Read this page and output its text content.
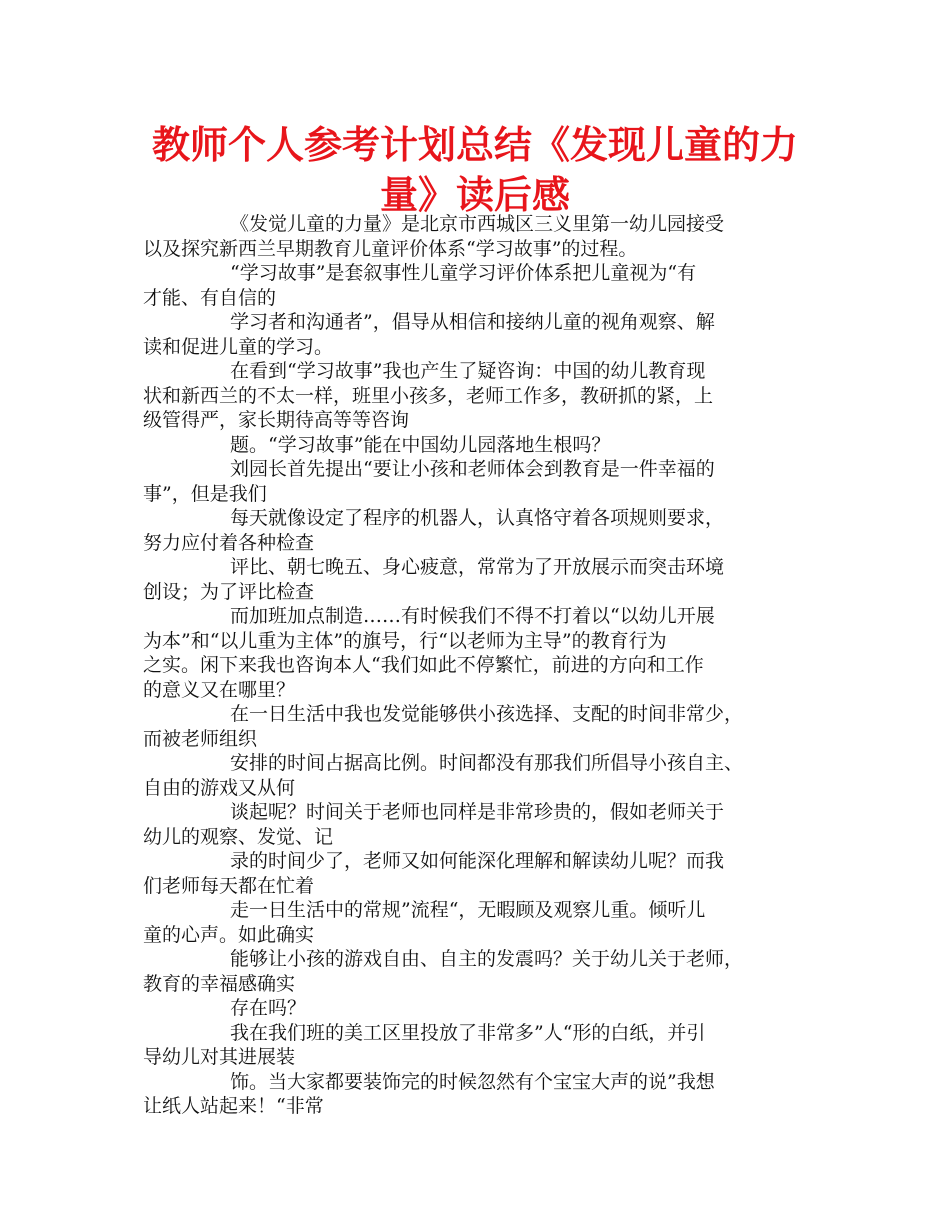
教师个人参考计划总结《发现儿童的力
量》读后感
《发觉儿童的力量》是北京市西城区三义里第一幼儿园接受
以及探究新西兰早期教育儿童评价体系“学习故事”的过程。
“学习故事”是套叙事性儿童学习评价体系把儿童视为“有
才能、有自信的
学习者和沟通者”，倡导从相信和接纳儿童的视角观察、解
读和促进儿童的学习。
在看到“学习故事”我也产生了疑咨询：中国的幼儿教育现
状和新西兰的不太一样，班里小孩多，老师工作多，教研抓的紧，上
级管得严，家长期待高等等咨询
题。“学习故事”能在中国幼儿园落地生根吗？
刘园长首先提出“要让小孩和老师体会到教育是一件幸福的
事”，但是我们
每天就像设定了程序的机器人，认真恪守着各项规则要求，
努力应付着各种检查
评比、朝七晚五、身心疲意，常常为了开放展示而突击环境
创设；为了评比检查
而加班加点制造……有时候我们不得不打着以“以幼儿开展
为本”和“以儿重为主体”的旗号，行“以老师为主导”的教育行为
之实。闲下来我也咨询本人“我们如此不停繁忙，前进的方向和工作
的意义又在哪里？
在一日生活中我也发觉能够供小孩选择、支配的时间非常少，
而被老师组织
安排的时间占据高比例。时间都没有那我们所倡导小孩自主、
自由的游戏又从何
谈起呢？时间关于老师也同样是非常珍贵的，假如老师关于
幼儿的观察、发觉、记
录的时间少了，老师又如何能深化理解和解读幼儿呢？而我
们老师每天都在忙着
走一日生活中的常规”流程“，无暇顾及观察儿重。倾听儿
童的心声。如此确实
能够让小孩的游戏自由、自主的发震吗？关于幼儿关于老师，
教育的幸福感确实
存在吗？
我在我们班的美工区里投放了非常多”人“形的白纸，并引
导幼儿对其进展装
饰。当大家都要装饰完的时候忽然有个宝宝大声的说”我想
让纸人站起来！“非常
